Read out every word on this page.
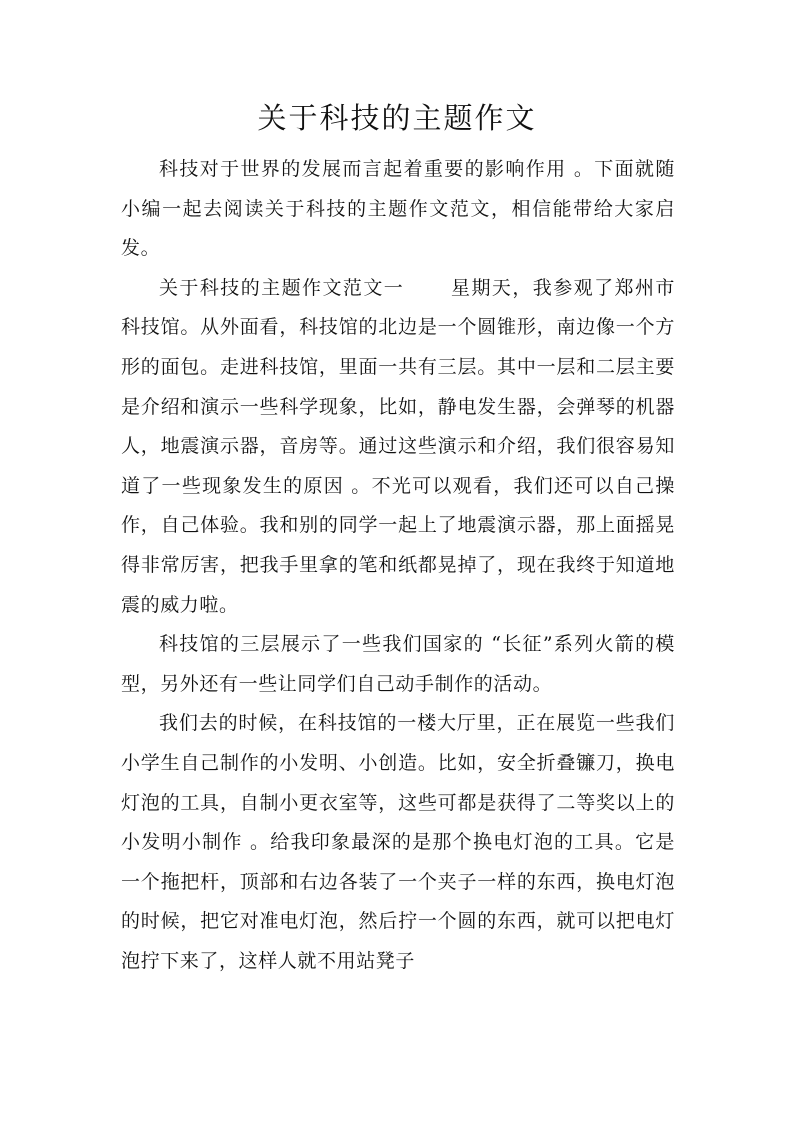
关于科技的主题作文

科技对于世界的发展而言起着重要的影响作用 。下面就随小编一起去阅读关于科技的主题作文范文，相信能带给大家启发。

关于科技的主题作文范文一 星期天，我参观了郑州市科技馆。从外面看，科技馆的北边是一个圆锥形，南边像一个方形的面包。走进科技馆，里面一共有三层。其中一层和二层主要是介绍和演示一些科学现象，比如，静电发生器，会弹琴的机器人，地震演示器，音房等。通过这些演示和介绍，我们很容易知道了一些现象发生的原因 。不光可以观看，我们还可以自己操作，自己体验。我和别的同学一起上了地震演示器，那上面摇晃得非常厉害，把我手里拿的笔和纸都晃掉了，现在我终于知道地震的威力啦。

科技馆的三层展示了一些我们国家的 “长征”系列火箭的模型，另外还有一些让同学们自己动手制作的活动。

我们去的时候，在科技馆的一楼大厅里，正在展览一些我们小学生自己制作的小发明、小创造。比如，安全折叠镰刀，换电灯泡的工具，自制小更衣室等，这些可都是获得了二等奖以上的小发明小制作 。给我印象最深的是那个换电灯泡的工具。它是一个拖把杆，顶部和右边各装了一个夹子一样的东西，换电灯泡的时候，把它对准电灯泡，然后拧一个圆的东西，就可以把电灯泡拧下来了，这样人就不用站凳子
